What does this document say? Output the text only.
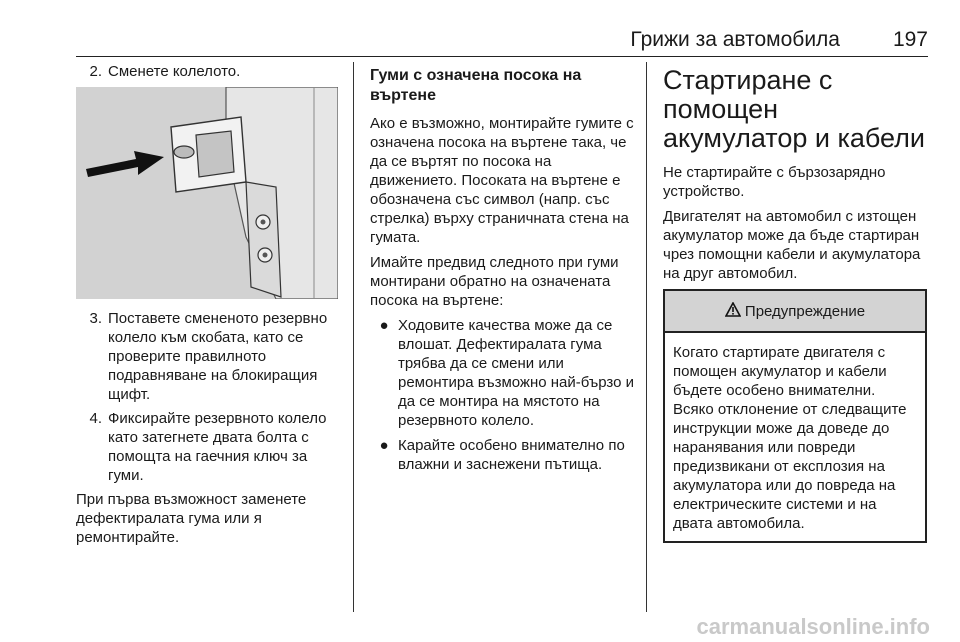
Грижи за автомобила	197
2. Сменете колелото.
3. Поставете смененото резервно колело към скобата, като се проверите правилното подравняване на блокиращия щифт.
4. Фиксирайте резервното колело като затегнете двата болта с помощта на гаечния ключ за гуми.

При първа възможност заменете дефектиралата гума или я ремонтирайте.

Гуми с означена посока на въртене

Ако е възможно, монтирайте гумите с означена посока на въртене така, че да се въртят по посока на движението. Посоката на въртене е обозначена със символ (напр. със стрелка) върху страничната стена на гумата.

Имайте предвид следното при гуми монтирани обратно на означената посока на въртене:

● Ходовите качества може да се влошат. Дефектиралата гума трябва да се смени или ремонтира възможно най-бързо и да се монтира на мястото на резервното колело.
● Карайте особено внимателно по влажни и заснежени пътища.
Стартиране с помощен акумулатор и кабели

Не стартирайте с бързозарядно устройство.

Двигателят на автомобил с изтощен акумулатор може да бъде стартиран чрез помощни кабели и акумулатора на друг автомобил.

Предупреждение

Когато стартирате двигателя с помощен акумулатор и кабели бъдете особено внимателни. Всяко отклонение от следващите инструкции може да доведе до наранявания или повреди предизвикани от експлозия на акумулатора или до повреда на електрическите системи и на двата автомобила.

carmanualsonline.info
